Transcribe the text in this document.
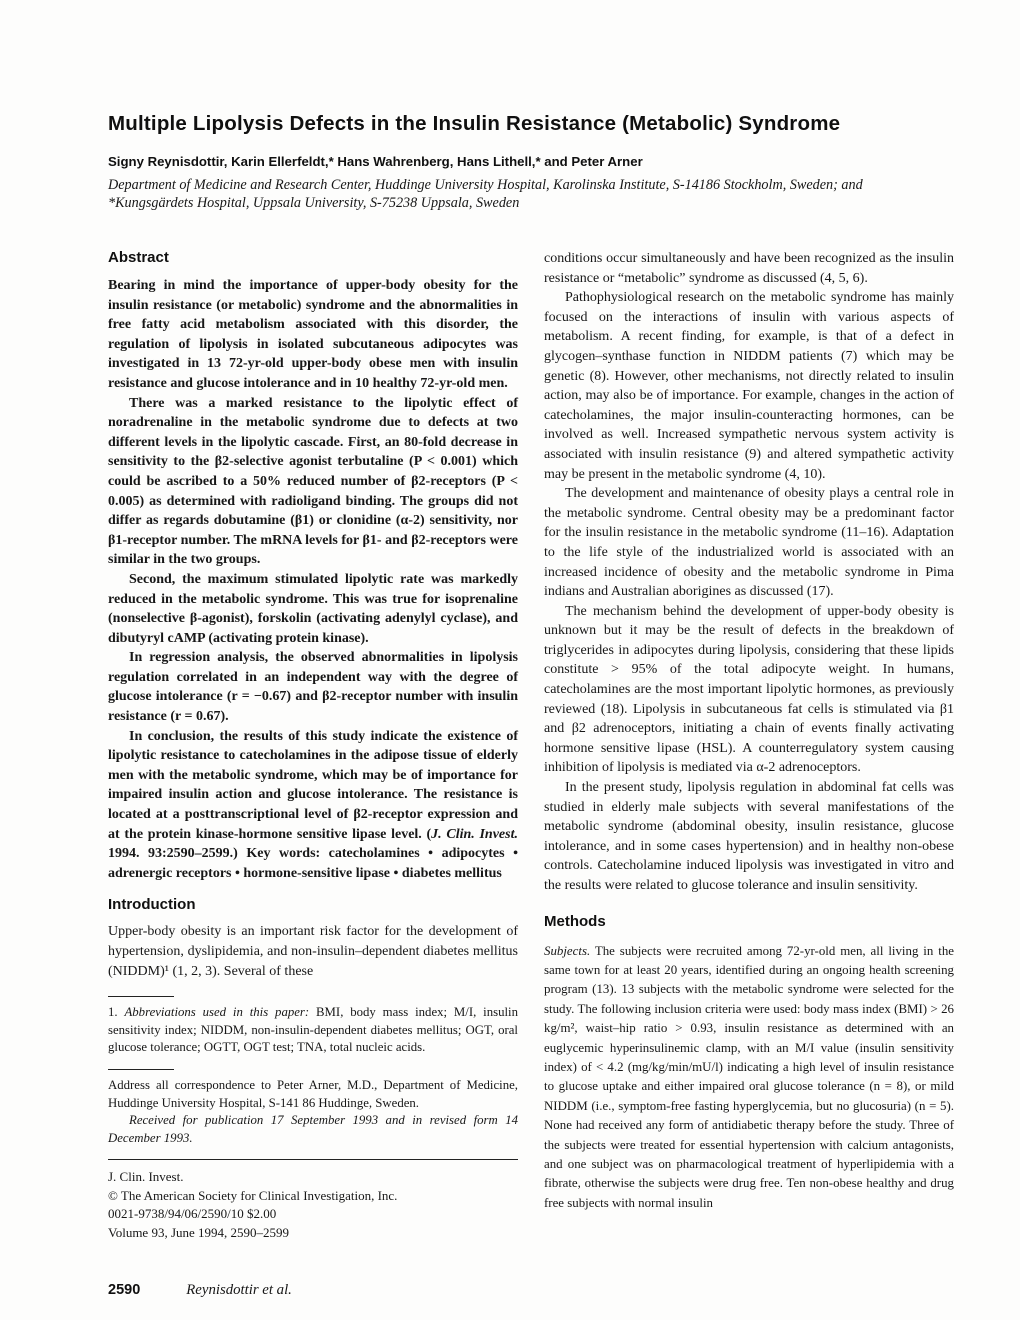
Multiple Lipolysis Defects in the Insulin Resistance (Metabolic) Syndrome

Signy Reynisdottir, Karin Ellerfeldt,* Hans Wahrenberg, Hans Lithell,* and Peter Arner

Department of Medicine and Research Center, Huddinge University Hospital, Karolinska Institute, S-14186 Stockholm, Sweden; and

*Kungsgärdets Hospital, Uppsala University, S-75238 Uppsala, Sweden

Abstract

Bearing in mind the importance of upper-body obesity for the insulin resistance (or metabolic) syndrome and the abnormalities in free fatty acid metabolism associated with this disorder, the regulation of lipolysis in isolated subcutaneous adipocytes was investigated in 13 72-yr-old upper-body obese men with insulin resistance and glucose intolerance and in 10 healthy 72-yr-old men.

There was a marked resistance to the lipolytic effect of noradrenaline in the metabolic syndrome due to defects at two different levels in the lipolytic cascade. First, an 80-fold decrease in sensitivity to the β2-selective agonist terbutaline (P < 0.001) which could be ascribed to a 50% reduced number of β2-receptors (P < 0.005) as determined with radioligand binding. The groups did not differ as regards dobutamine (β1) or clonidine (α-2) sensitivity, nor β1-receptor number. The mRNA levels for β1- and β2-receptors were similar in the two groups.

Second, the maximum stimulated lipolytic rate was markedly reduced in the metabolic syndrome. This was true for isoprenaline (nonselective β-agonist), forskolin (activating adenylyl cyclase), and dibutyryl cAMP (activating protein kinase).

In regression analysis, the observed abnormalities in lipolysis regulation correlated in an independent way with the degree of glucose intolerance (r = −0.67) and β2-receptor number with insulin resistance (r = 0.67).

In conclusion, the results of this study indicate the existence of lipolytic resistance to catecholamines in the adipose tissue of elderly men with the metabolic syndrome, which may be of importance for impaired insulin action and glucose intolerance. The resistance is located at a posttranscriptional level of β2-receptor expression and at the protein kinase-hormone sensitive lipase level. (J. Clin. Invest. 1994. 93:2590–2599.) Key words: catecholamines • adipocytes • adrenergic receptors • hormone-sensitive lipase • diabetes mellitus

Introduction

Upper-body obesity is an important risk factor for the development of hypertension, dyslipidemia, and non-insulin–dependent diabetes mellitus (NIDDM)¹ (1, 2, 3). Several of these

1. Abbreviations used in this paper: BMI, body mass index; M/I, insulin sensitivity index; NIDDM, non-insulin-dependent diabetes mellitus; OGT, oral glucose tolerance; OGTT, OGT test; TNA, total nucleic acids.

Address all correspondence to Peter Arner, M.D., Department of Medicine, Huddinge University Hospital, S-141 86 Huddinge, Sweden.

Received for publication 17 September 1993 and in revised form 14 December 1993.

J. Clin. Invest.

© The American Society for Clinical Investigation, Inc.

0021-9738/94/06/2590/10 $2.00

Volume 93, June 1994, 2590–2599

conditions occur simultaneously and have been recognized as the insulin resistance or “metabolic” syndrome as discussed (4, 5, 6).

Pathophysiological research on the metabolic syndrome has mainly focused on the interactions of insulin with various aspects of metabolism. A recent finding, for example, is that of a defect in glycogen–synthase function in NIDDM patients (7) which may be genetic (8). However, other mechanisms, not directly related to insulin action, may also be of importance. For example, changes in the action of catecholamines, the major insulin-counteracting hormones, can be involved as well. Increased sympathetic nervous system activity is associated with insulin resistance (9) and altered sympathetic activity may be present in the metabolic syndrome (4, 10).

The development and maintenance of obesity plays a central role in the metabolic syndrome. Central obesity may be a predominant factor for the insulin resistance in the metabolic syndrome (11–16). Adaptation to the life style of the industrialized world is associated with an increased incidence of obesity and the metabolic syndrome in Pima indians and Australian aborigines as discussed (17).

The mechanism behind the development of upper-body obesity is unknown but it may be the result of defects in the breakdown of triglycerides in adipocytes during lipolysis, considering that these lipids constitute > 95% of the total adipocyte weight. In humans, catecholamines are the most important lipolytic hormones, as previously reviewed (18). Lipolysis in subcutaneous fat cells is stimulated via β1 and β2 adrenoceptors, initiating a chain of events finally activating hormone sensitive lipase (HSL). A counterregulatory system causing inhibition of lipolysis is mediated via α-2 adrenoceptors.

In the present study, lipolysis regulation in abdominal fat cells was studied in elderly male subjects with several manifestations of the metabolic syndrome (abdominal obesity, insulin resistance, glucose intolerance, and in some cases hypertension) and in healthy non-obese controls. Catecholamine induced lipolysis was investigated in vitro and the results were related to glucose tolerance and insulin sensitivity.

Methods

Subjects. The subjects were recruited among 72-yr-old men, all living in the same town for at least 20 years, identified during an ongoing health screening program (13). 13 subjects with the metabolic syndrome were selected for the study. The following inclusion criteria were used: body mass index (BMI) > 26 kg/m², waist–hip ratio > 0.93, insulin resistance as determined with an euglycemic hyperinsulinemic clamp, with an M/I value (insulin sensitivity index) of < 4.2 (mg/kg/min/mU/l) indicating a high level of insulin resistance to glucose uptake and either impaired oral glucose tolerance (n = 8), or mild NIDDM (i.e., symptom-free fasting hyperglycemia, but no glucosuria) (n = 5). None had received any form of antidiabetic therapy before the study. Three of the subjects were treated for essential hypertension with calcium antagonists, and one subject was on pharmacological treatment of hyperlipidemia with a fibrate, otherwise the subjects were drug free. Ten non-obese healthy and drug free subjects with normal insulin

2590	Reynisdottir et al.
